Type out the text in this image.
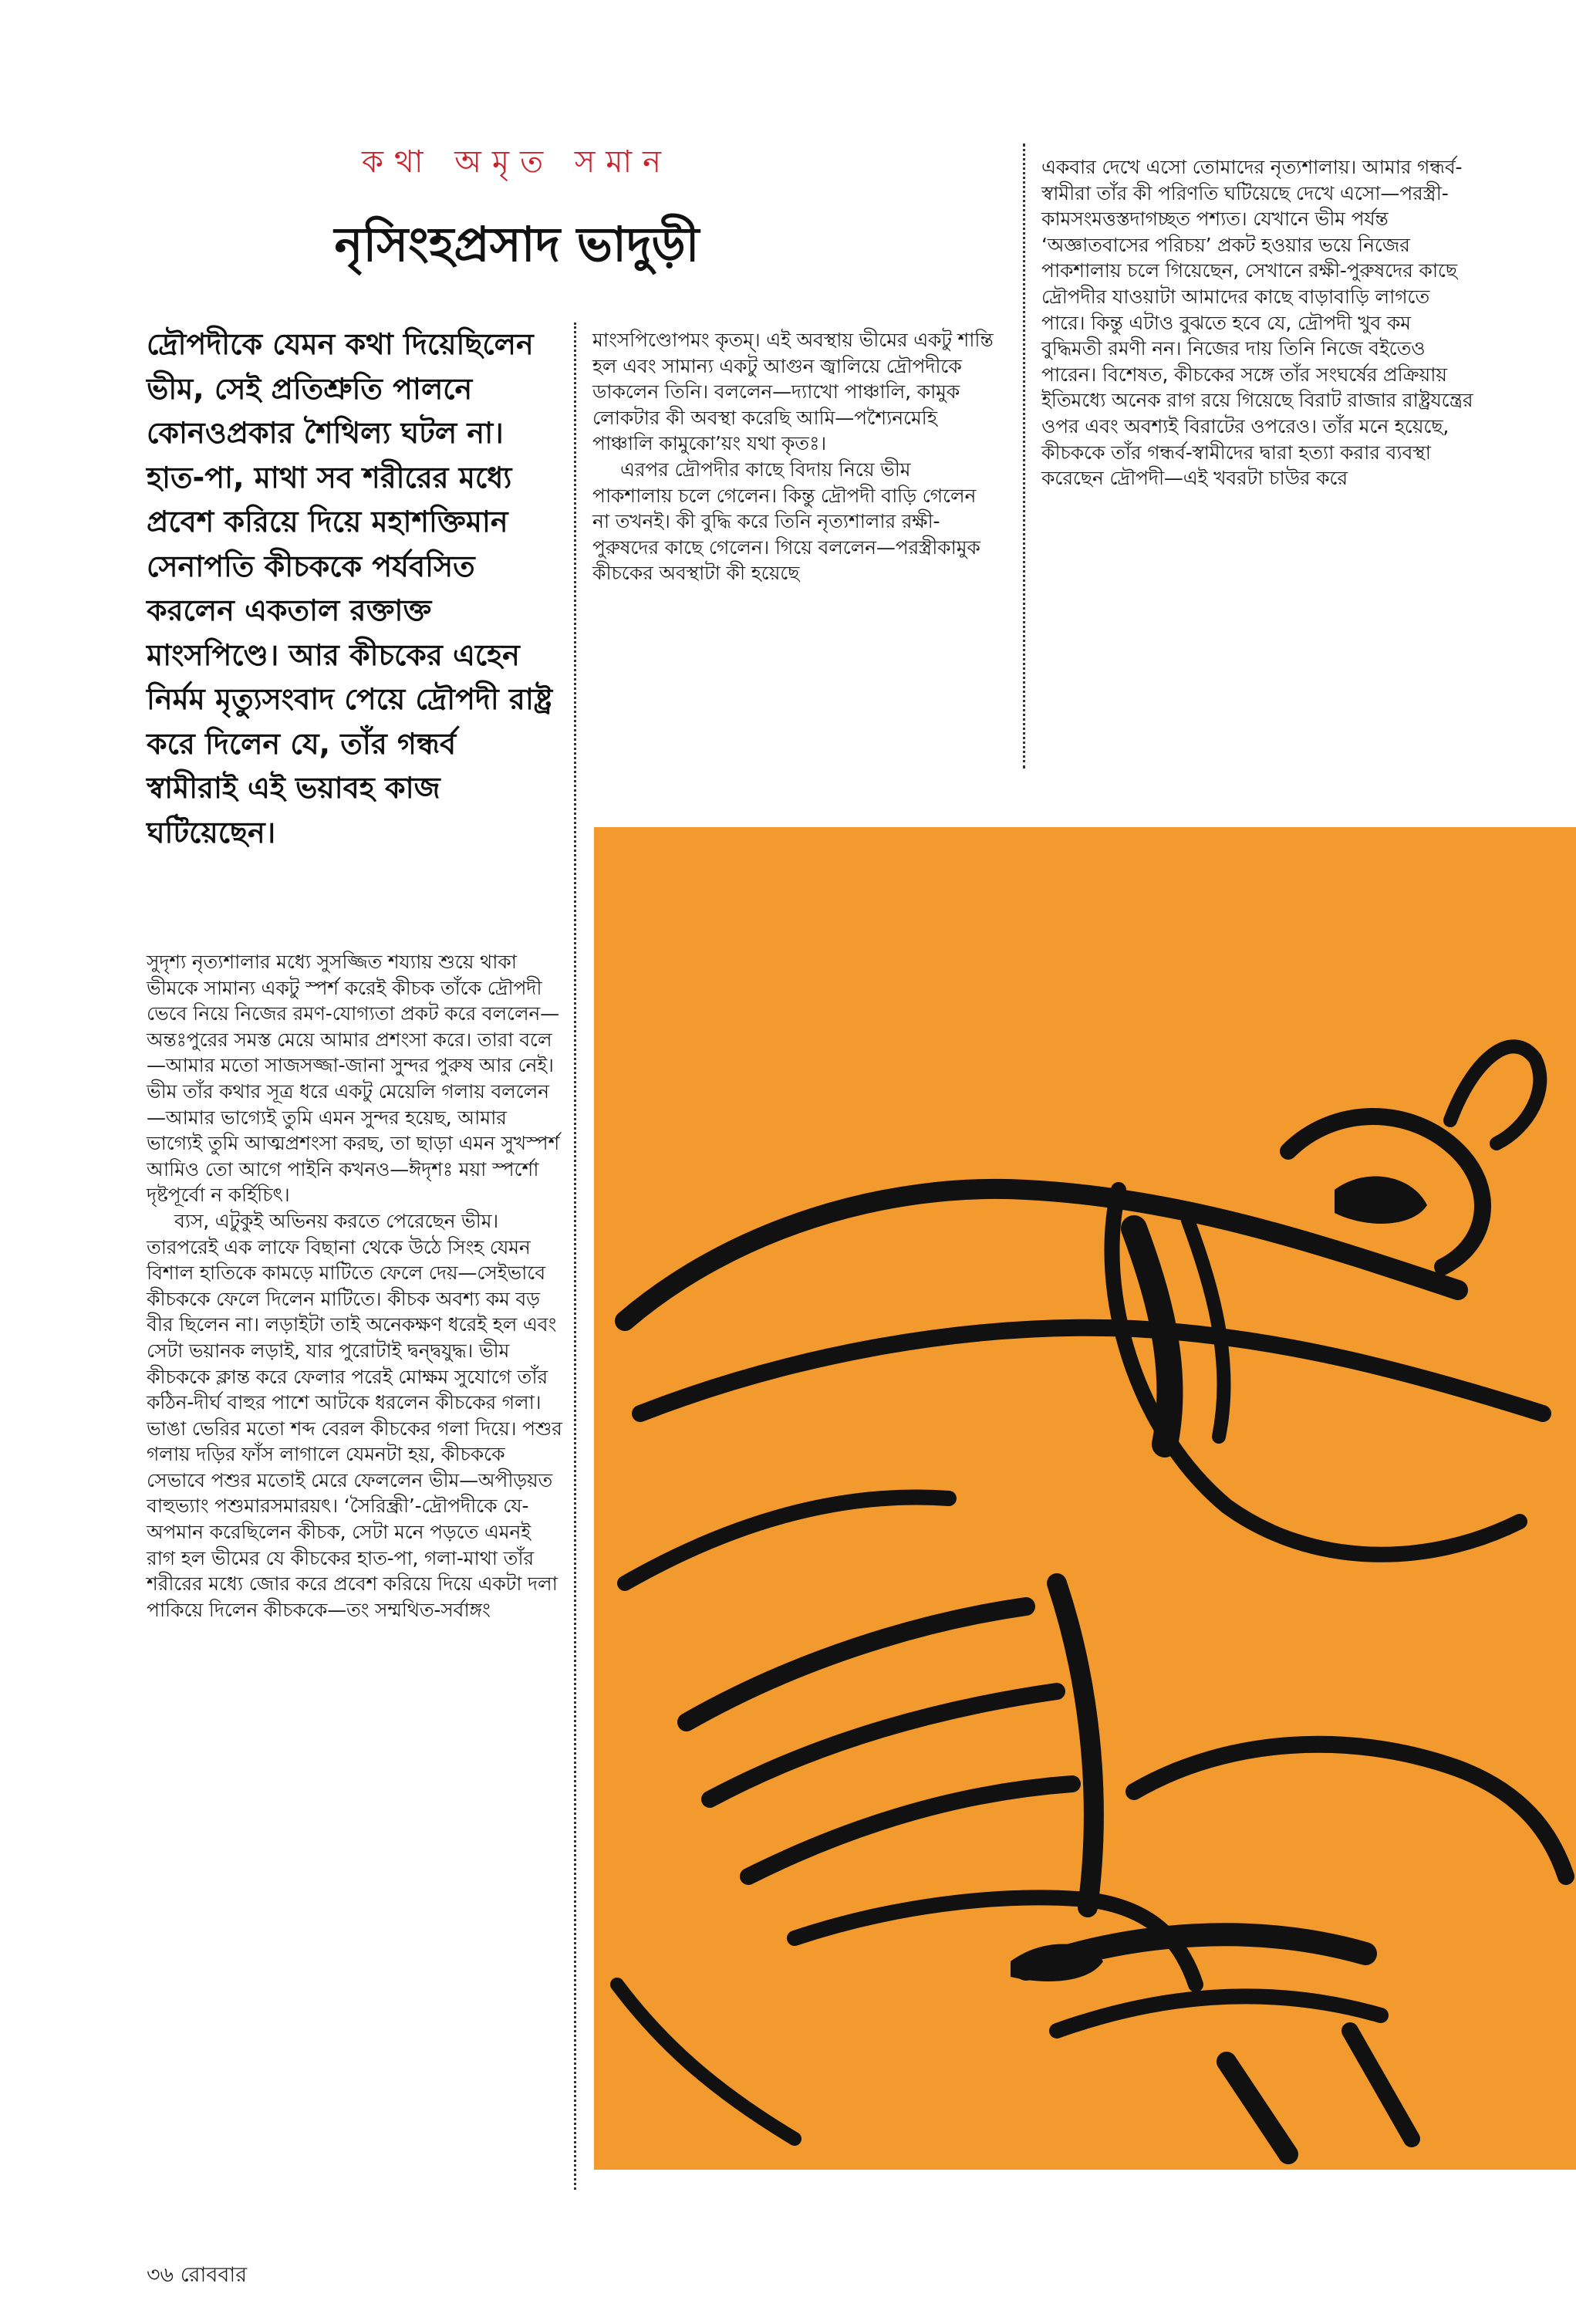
কথা অমৃত সমান
নৃসিংহপ্রসাদ ভাদুড়ী
দ্রৌপদীকে যেমন কথা দিয়েছিলেন ভীম, সেই প্রতিশ্রুতি পালনে কোনওপ্রকার শৈথিল্য ঘটল না। হাত-পা, মাথা সব শরীরের মধ্যে প্রবেশ করিয়ে দিয়ে মহাশক্তিমান সেনাপতি কীচককে পর্যবসিত করলেন একতাল রক্তাক্ত মাংসপিণ্ডে। আর কীচকের এহেন নির্মম মৃত্যুসংবাদ পেয়ে দ্রৌপদী রাষ্ট্র করে দিলেন যে, তাঁর গন্ধর্ব স্বামীরাই এই ভয়াবহ কাজ ঘটিয়েছেন।

সুদৃশ্য নৃত্যশালার মধ্যে সুসজ্জিত শয্যায় শুয়ে থাকা ভীমকে সামান্য একটু স্পর্শ করেই কীচক তাঁকে দ্রৌপদী ভেবে নিয়ে নিজের রমণ-যোগ্যতা প্রকট করে বললেন—অন্তঃপুরের সমস্ত মেয়ে আমার প্রশংসা করে। তারা বলে—আমার মতো সাজসজ্জা-জানা সুন্দর পুরুষ আর নেই। ভীম তাঁর কথার সূত্র ধরে একটু মেয়েলি গলায় বললেন—আমার ভাগ্যেই তুমি এমন সুন্দর হয়েছ, আমার ভাগ্যেই তুমি আত্মপ্রশংসা করছ, তা ছাড়া এমন সুখস্পর্শ আমিও তো আগে পাইনি কখনও—ঈদৃশঃ ময়া স্পর্শো দৃষ্টপূর্বো ন কর্হিচিৎ।

ব্যস, এটুকুই অভিনয় করতে পেরেছেন ভীম। তারপরেই এক লাফে বিছানা থেকে উঠে সিংহ যেমন বিশাল হাতিকে কামড়ে মাটিতে ফেলে দেয়—সেইভাবে কীচককে ফেলে দিলেন মাটিতে। কীচক অবশ্য কম বড় বীর ছিলেন না। লড়াইটা তাই অনেকক্ষণ ধরেই হল এবং সেটা ভয়ানক লড়াই, যার পুরোটাই দ্বন্দ্বযুদ্ধ। ভীম কীচককে ক্লান্ত করে ফেলার পরেই মোক্ষম সুযোগে তাঁর কঠিন-দীর্ঘ বাহুর পাশে আটকে ধরলেন কীচকের গলা। ভাঙা ভেরির মতো শব্দ বেরল কীচকের গলা দিয়ে। পশুর গলায় দড়ির ফাঁস লাগালে যেমনটা হয়, কীচককে সেভাবে পশুর মতোই মেরে ফেললেন ভীম—অপীড়য়ত বাহুভ্যাং পশুমারসমারয়ৎ। ‘সৈরিন্ধ্রী’-দ্রৌপদীকে যে-অপমান করেছিলেন কীচক, সেটা মনে পড়তে এমনই রাগ হল ভীমের যে কীচকের হাত-পা, গলা-মাথা তাঁর শরীরের মধ্যে জোর করে প্রবেশ করিয়ে দিয়ে একটা দলা পাকিয়ে দিলেন কীচককে—তং সম্মথিত-সর্বাঙ্গং

মাংসপিণ্ডোপমং কৃতম্‌। এই অবস্থায় ভীমের একটু শান্তি হল এবং সামান্য একটু আগুন জ্বালিয়ে দ্রৌপদীকে ডাকলেন তিনি। বললেন—দ্যাখো পাঞ্চালি, কামুক লোকটার কী অবস্থা করেছি আমি—পশ্যৈনমেহি পাঞ্চালি কামুকো’য়ং যথা কৃতঃ।

এরপর দ্রৌপদীর কাছে বিদায় নিয়ে ভীম পাকশালায় চলে গেলেন। কিন্তু দ্রৌপদী বাড়ি গেলেন না তখনই। কী বুদ্ধি করে তিনি নৃত্যশালার রক্ষী-পুরুষদের কাছে গেলেন। গিয়ে বললেন—পরস্ত্রীকামুক কীচকের অবস্থাটা কী হয়েছে

একবার দেখে এসো তোমাদের নৃত্যশালায়। আমার গন্ধর্ব-স্বামীরা তাঁর কী পরিণতি ঘটিয়েছে দেখে এসো—পরস্ত্রী-কামসংমত্তস্তদাগচ্ছত পশ্যত। যেখানে ভীম পর্যন্ত ‘অজ্ঞাতবাসের পরিচয়’ প্রকট হওয়ার ভয়ে নিজের পাকশালায় চলে গিয়েছেন, সেখানে রক্ষী-পুরুষদের কাছে দ্রৌপদীর যাওয়াটা আমাদের কাছে বাড়াবাড়ি লাগতে পারে। কিন্তু এটাও বুঝতে হবে যে, দ্রৌপদী খুব কম বুদ্ধিমতী রমণী নন। নিজের দায় তিনি নিজে বইতেও পারেন। বিশেষত, কীচকের সঙ্গে তাঁর সংঘর্ষের প্রক্রিয়ায় ইতিমধ্যে অনেক রাগ রয়ে গিয়েছে বিরাট রাজার রাষ্ট্রযন্ত্রের ওপর এবং অবশ্যই বিরাটের ওপরেও। তাঁর মনে হয়েছে, কীচককে তাঁর গন্ধর্ব-স্বামীদের দ্বারা হত্যা করার ব্যবস্থা করেছেন দ্রৌপদী—এই খবরটা চাউর করে

৩৬ রোববার
